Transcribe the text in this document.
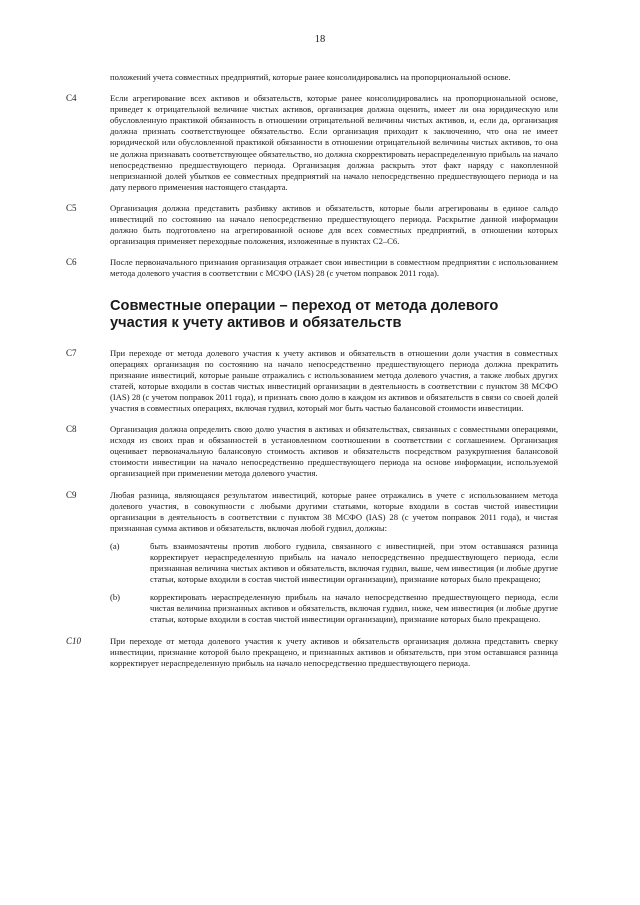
18
положений учета совместных предприятий, которые ранее консолидировались на пропорциональной основе.
C4	Если агрегирование всех активов и обязательств, которые ранее консолидировались на пропорциональной основе, приведет к отрицательной величине чистых активов, организация должна оценить, имеет ли она юридическую или обусловленную практикой обязанность в отношении отрицательной величины чистых активов, и, если да, организация должна признать соответствующее обязательство. Если организация приходит к заключению, что она не имеет юридической или обусловленной практикой обязанности в отношении отрицательной величины чистых активов, то она не должна признавать соответствующее обязательство, но должна скорректировать нераспределенную прибыль на начало непосредственно предшествующего периода. Организация должна раскрыть этот факт наряду с накопленной непризнанной долей убытков ее совместных предприятий на начало непосредственно предшествующего периода и на дату первого применения настоящего стандарта.
C5	Организация должна представить разбивку активов и обязательств, которые были агрегированы в единое сальдо инвестиций по состоянию на начало непосредственно предшествующего периода. Раскрытие данной информации должно быть подготовлено на агрегированной основе для всех совместных предприятий, в отношении которых организация применяет переходные положения, изложенные в пунктах С2–С6.
C6	После первоначального признания организация отражает свои инвестиции в совместном предприятии с использованием метода долевого участия в соответствии с МСФО (IAS) 28 (с учетом поправок 2011 года).
Совместные операции – переход от метода долевого участия к учету активов и обязательств
C7	При переходе от метода долевого участия к учету активов и обязательств в отношении доли участия в совместных операциях организация по состоянию на начало непосредственно предшествующего периода должна прекратить признание инвестиций, которые раньше отражались с использованием метода долевого участия, а также любых других статей, которые входили в состав чистых инвестиций организации в деятельность в соответствии с пунктом 38 МСФО (IAS) 28 (с учетом поправок 2011 года), и признать свою долю в каждом из активов и обязательств в связи со своей долей участия в совместных операциях, включая гудвил, который мог быть частью балансовой стоимости инвестиции.
C8	Организация должна определить свою долю участия в активах и обязательствах, связанных с совместными операциями, исходя из своих прав и обязанностей в установленном соотношении в соответствии с соглашением. Организация оценивает первоначальную балансовую стоимость активов и обязательств посредством разукрупнения балансовой стоимости инвестиции на начало непосредственно предшествующего периода на основе информации, используемой организацией при применении метода долевого участия.
C9	Любая разница, являющаяся результатом инвестиций, которые ранее отражались в учете с использованием метода долевого участия, в совокупности с любыми другими статьями, которые входили в состав чистой инвестиции организации в деятельность в соответствии с пунктом 38 МСФО (IAS) 28 (с учетом поправок 2011 года), и чистая признанная сумма активов и обязательств, включая любой гудвил, должны:
(a)	быть взаимозачтены против любого гудвила, связанного с инвестицией, при этом оставшаяся разница корректирует нераспределенную прибыль на начало непосредственно предшествующего периода, если признанная величина чистых активов и обязательств, включая гудвил, выше, чем инвестиция (и любые другие статьи, которые входили в состав чистой инвестиции организации), признание которых было прекращено;
(b)	корректировать нераспределенную прибыль на начало непосредственно предшествующего периода, если чистая величина признанных активов и обязательств, включая гудвил, ниже, чем инвестиция (и любые другие статьи, которые входили в состав чистой инвестиции организации), признание которых было прекращено.
C10	При переходе от метода долевого участия к учету активов и обязательств организация должна представить сверку инвестиции, признание которой было прекращено, и признанных активов и обязательств, при этом оставшаяся разница корректирует нераспределенную прибыль на начало непосредственно предшествующего периода.
